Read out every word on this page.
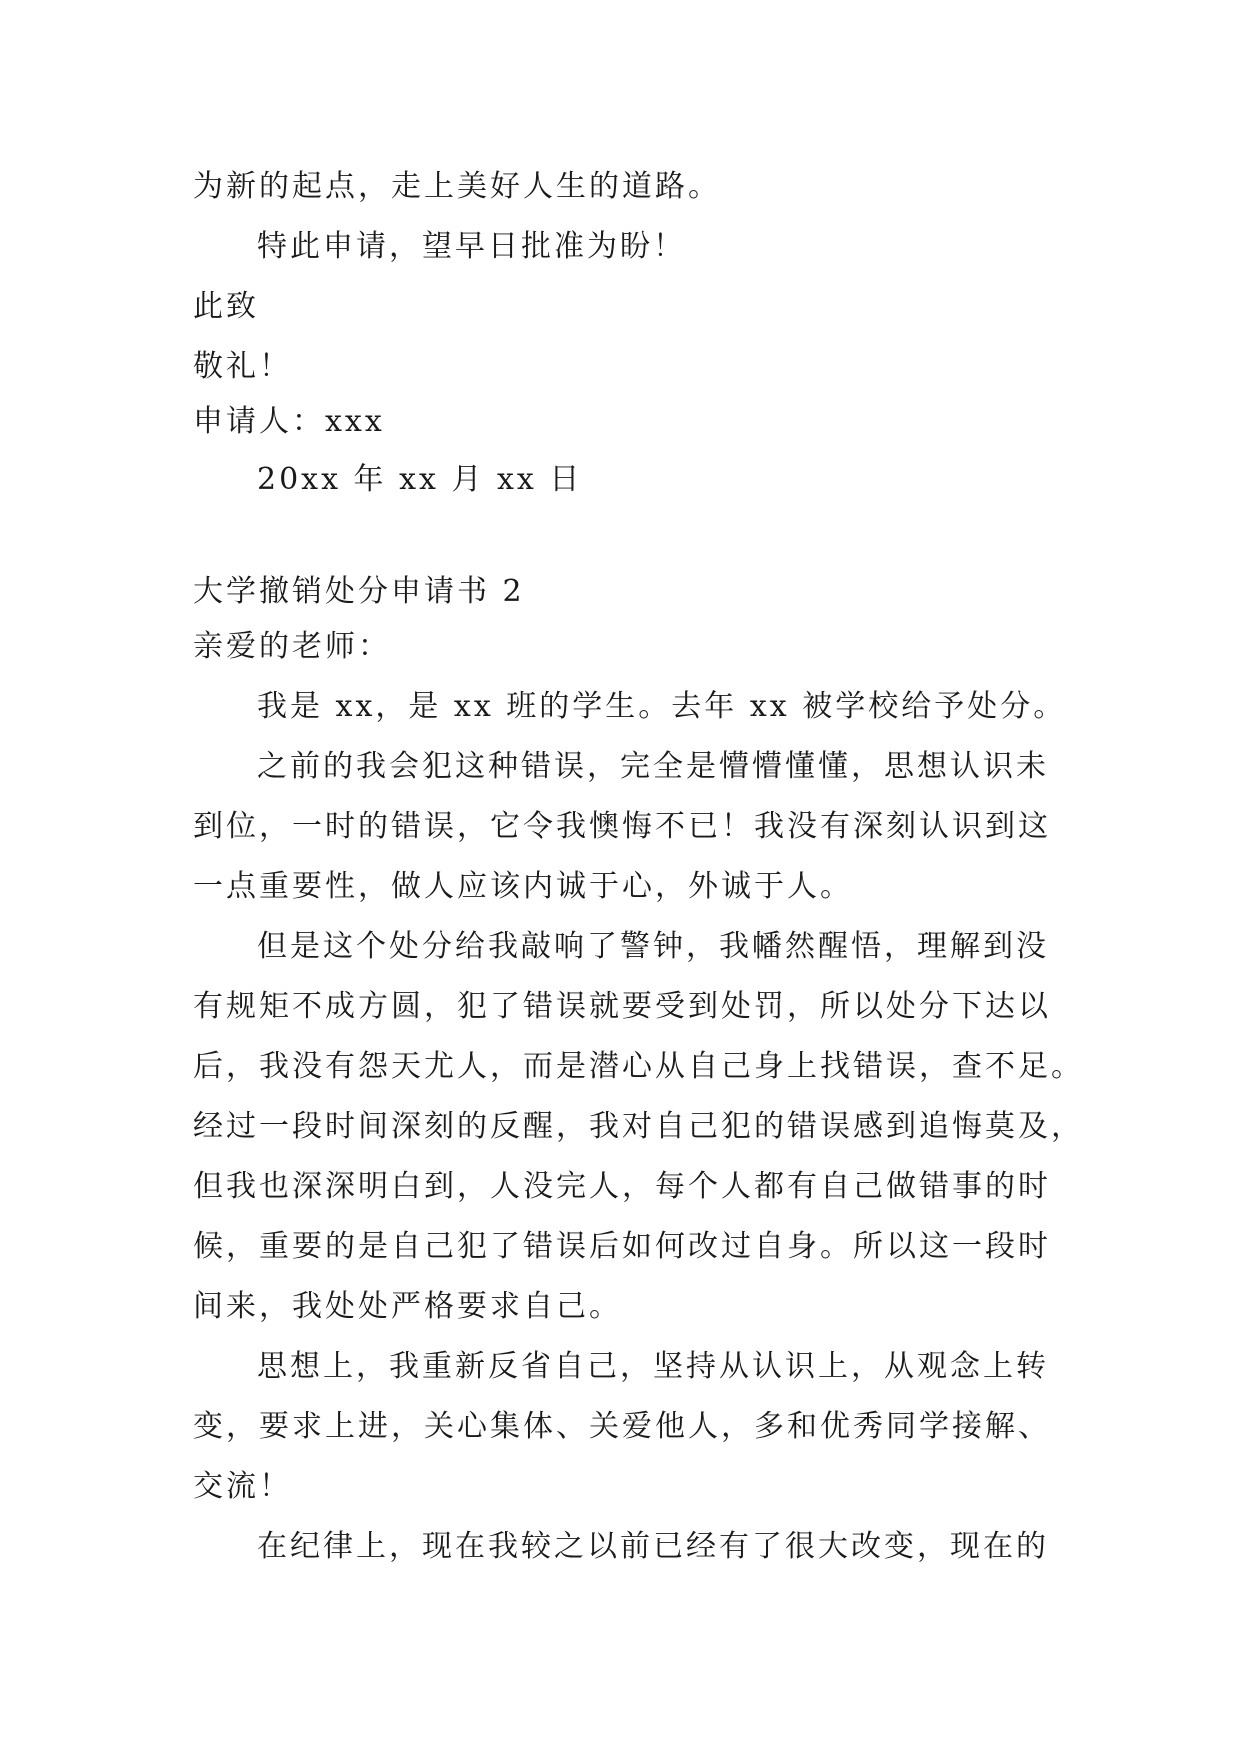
为新的起点，走上美好人生的道路。
特此申请，望早日批准为盼！
此致
敬礼！
申请人：xxx
20xx 年 xx 月 xx 日
大学撤销处分申请书 2
亲爱的老师：
我是 xx，是 xx 班的学生。去年 xx 被学校给予处分。
之前的我会犯这种错误，完全是懵懵懂懂，思想认识未
到位，一时的错误，它令我懊悔不已！我没有深刻认识到这
一点重要性，做人应该内诚于心，外诚于人。
但是这个处分给我敲响了警钟，我幡然醒悟，理解到没
有规矩不成方圆，犯了错误就要受到处罚，所以处分下达以
后，我没有怨天尤人，而是潜心从自己身上找错误，查不足。
经过一段时间深刻的反醒，我对自己犯的错误感到追悔莫及，
但我也深深明白到，人没完人，每个人都有自己做错事的时
候，重要的是自己犯了错误后如何改过自身。所以这一段时
间来，我处处严格要求自己。
思想上，我重新反省自己，坚持从认识上，从观念上转
变，要求上进，关心集体、关爱他人，多和优秀同学接解、
交流！
在纪律上，现在我较之以前已经有了很大改变，现在的
